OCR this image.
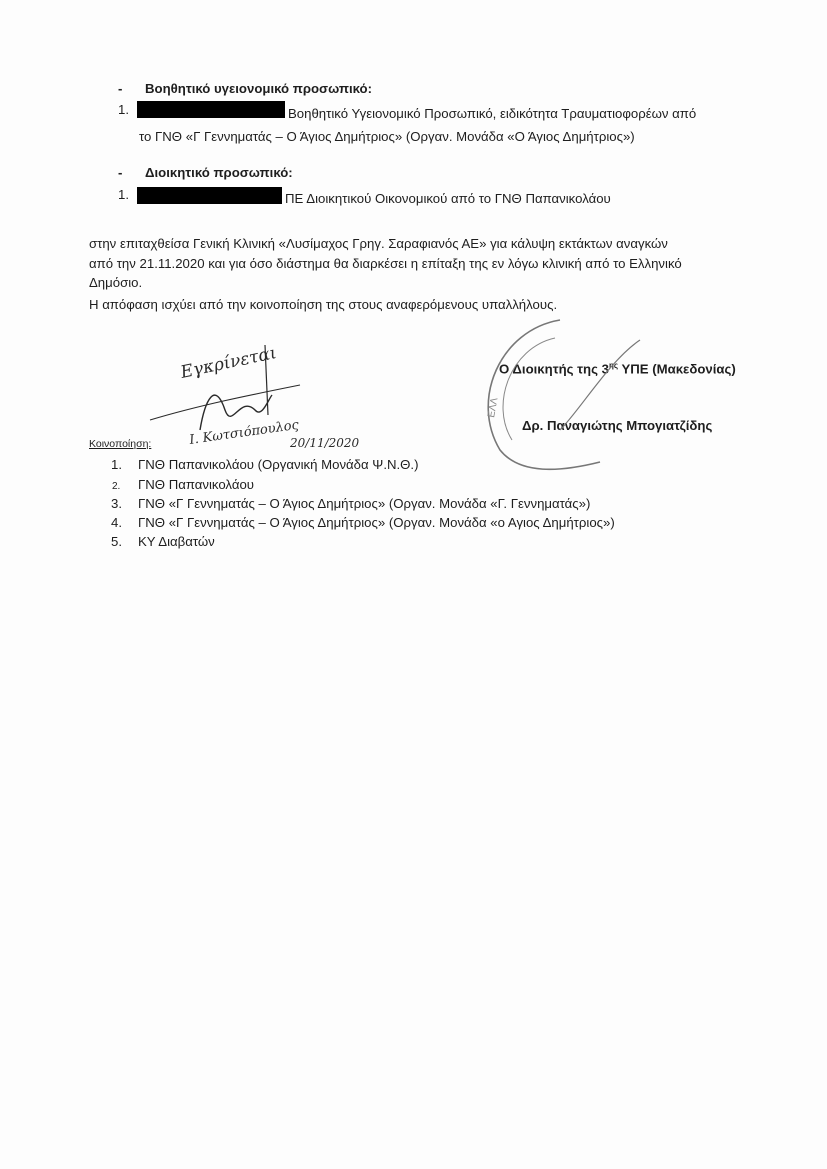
- Βοηθητικό υγειονομικό προσωπικό:
1.	Βοηθητικό Υγειονομικό Προσωπικό, ειδικότητα Τραυματιοφορέων από
το ΓΝΘ «Γ Γεννηματάς – Ο Άγιος Δημήτριος» (Οργαν. Μονάδα «Ο Άγιος Δημήτριος»)
- Διοικητικό προσωπικό:
1.	ΠΕ Διοικητικού Οικονομικού από το ΓΝΘ Παπανικολάου
στην επιταχθείσα Γενική Κλινική «Λυσίμαχος Γρηγ. Σαραφιανός ΑΕ» για κάλυψη εκτάκτων αναγκών
από την 21.11.2020 και για όσο διάστημα θα διαρκέσει η επίταξη της εν λόγω κλινική από το Ελληνικό
Δημόσιο.
Η απόφαση ισχύει από την κοινοποίηση της στους αναφερόμενους υπαλλήλους.
Ο Διοικητής της $3^{\eta\varsigma}$ ΥΠΕ (Μακεδονίας)
Δρ. Παναγιώτης Μπογιατζίδης
ΕΛΛ
Εγκρίνεται
Ι. Κωτσιόπουλος
20/11/2020
Κοινοποίηση:
1. ΓΝΘ Παπανικολάου (Οργανική Μονάδα Ψ.Ν.Θ.)
2. ΓΝΘ Παπανικολάου
3. ΓΝΘ «Γ Γεννηματάς – Ο Άγιος Δημήτριος» (Οργαν. Μονάδα «Γ. Γεννηματάς»)
4. ΓΝΘ «Γ Γεννηματάς – Ο Άγιος Δημήτριος» (Οργαν. Μονάδα «ο Αγιος Δημήτριος»)
5. ΚΥ Διαβατών
